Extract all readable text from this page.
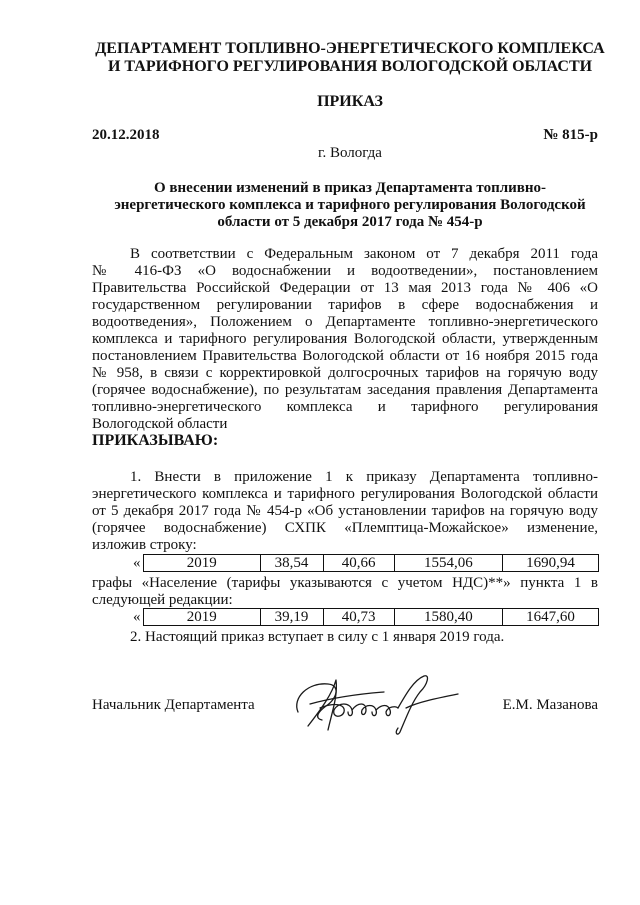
ДЕПАРТАМЕНТ ТОПЛИВНО-ЭНЕРГЕТИЧЕСКОГО КОМПЛЕКСА
И ТАРИФНОГО РЕГУЛИРОВАНИЯ ВОЛОГОДСКОЙ ОБЛАСТИ
ПРИКАЗ
20.12.2018	№ 815-р
г. Вологда
О внесении изменений в приказ Департамента топливно-
энергетического комплекса и тарифного регулирования Вологодской
области от 5 декабря 2017 года № 454-р
В соответствии с Федеральным законом от 7 декабря 2011 года
№ 416-ФЗ «О водоснабжении и водоотведении», постановлением
Правительства Российской Федерации от 13 мая 2013 года № 406 «О
государственном регулировании тарифов в сфере водоснабжения и
водоотведения», Положением о Департаменте топливно-энергетического
комплекса и тарифного регулирования Вологодской области, утвержденным
постановлением Правительства Вологодской области от 16 ноября 2015 года
№ 958, в связи с корректировкой долгосрочных тарифов на горячую воду
(горячее водоснабжение), по результатам заседания правления Департамента
топливно-энергетического комплекса и тарифного регулирования
Вологодской области
ПРИКАЗЫВАЮ:
1. Внести в приложение 1 к приказу Департамента топливно-
энергетического комплекса и тарифного регулирования Вологодской области
от 5 декабря 2017 года № 454-р «Об установлении тарифов на горячую воду
(горячее водоснабжение) СХПК «Племптица-Можайское» изменение,
изложив строку:
«	2019	38,54	40,66	1554,06	1690,94
графы «Население (тарифы указываются с учетом НДС)**» пункта 1 в
следующей редакции:
«	2019	39,19	40,73	1580,40	1647,60
2. Настоящий приказ вступает в силу с 1 января 2019 года.
Начальник Департамента	Е.М. Мазанова
